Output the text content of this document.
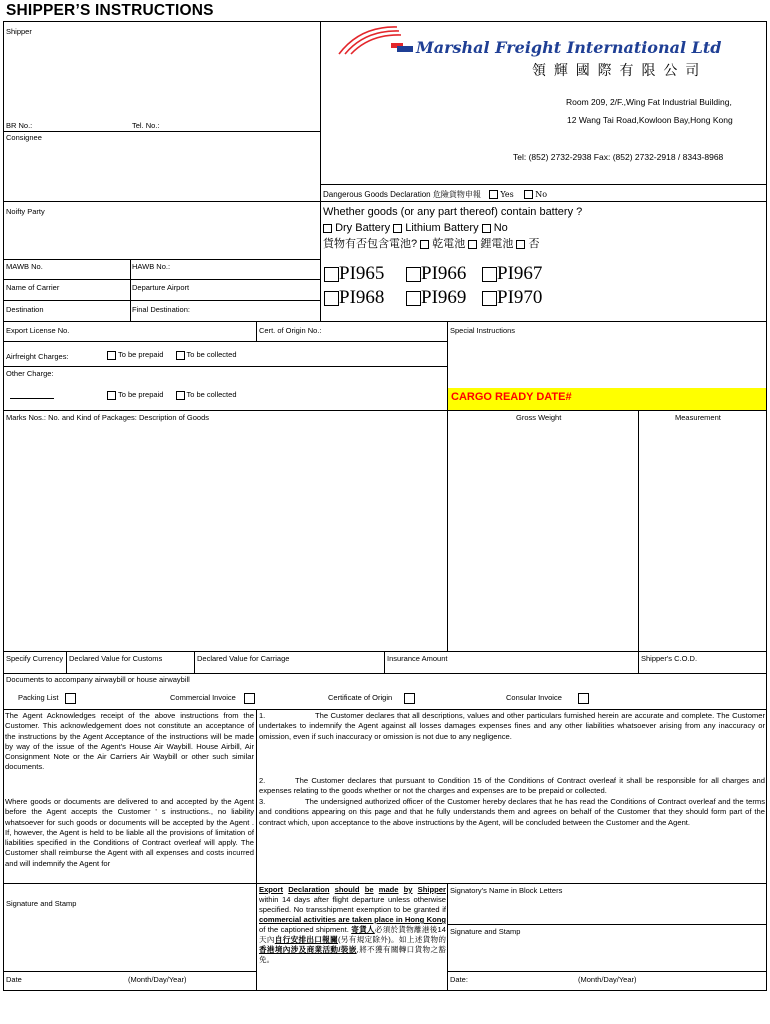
SHIPPER’S INSTRUCTIONS
Shipper
BR No.:	Tel. No.:
Consignee
Noifty Party
Marshal Freight International Ltd
領 輝 國 際 有 限 公 司
Room 209, 2/F.,Wing Fat Industrial Building,
12 Wang Tai Road,Kowloon Bay,Hong Kong
Tel: (852) 2732-2938 Fax: (852) 2732-2918 / 8343-8968
Dangerous Goods Declaration 危險貨物申報 Yes	No
Whether goods (or any part thereof) contain battery ?
Dry Battery Lithium Battery No
貨物有否包含電池? 乾電池 鋰電池 否
MAWB No.	HAWB No.:
Name of Carrier	Departure Airport
Destination	Final Destination:
PI965	PI966	PI967
PI968	PI969	PI970
Export License No.	Cert. of Origin No.:	Special Instructions
Airfreight Charges:	To be prepaid	To be collected
Other Charge:
To be prepaid	To be collected	CARGO READY DATE#
Marks Nos.: No. and Kind of Packages: Description of Goods	Gross Weight	Measurement
Specify Currency Declared Value for Customs	Declared Value for Carriage	Insurance Amount	Shipper's C.O.D.
Documents to accompany airwaybill or house airwaybill
Packing List	Commercial Invoice	Certificate of Origin	Consular Invoice
The Agent Acknowledges receipt of the above instructions from the Customer. This acknowledgement does not constitute an acceptance of the instructions by the Agent Acceptance of the instructions will be made by way of the issue of the Agent's House Air Waybill. House Airbill, Air Consignment Note or the Air Carriers Air Waybill or other such similar documents.
Where goods or documents are delivered to and accepted by the Agent before the Agent accepts the Customer ' s instructions., no liability whatsoever for such goods or documents will be accepted by the Agent . If, however, the Agent is held to be liable all the provisions of limitation of liabilities specified in the Conditions of Contract overleaf will apply. The Customer shall reimburse the Agent with all expenses and costs incurred and will indemnify the Agent for
1.	The Customer declares that all descriptions, values and other particulars furnished herein are accurate and complete. The Customer undertakes to indemnify the Agent against all losses damages expenses fines and any other liabilities whatsoever arising from any inaccuracy or omission, even if such inaccuracy or omission is not due to any negligence.
2.	The Customer declares that pursuant to Condition 15 of the Conditions of Contract overleaf it shall be responsible for all charges and expenses relating to the goods whether or not the charges and expenses are to be prepaid or collected.
3.	The undersigned authorized officer of the Customer hereby declares that he has read the Conditions of Contract overleaf and the terms and conditions appearing on this page and that he fully understands them and agrees on behalf of the Customer that they should form part of the contract which, upon acceptance to the above instructions by the Agent, will be concluded between the Customer and the Agent.
Signature and Stamp
Date	(Month/Day/Year)
Export Declaration should be made by Shipper within 14 days after flight departure unless otherwise specified. No transshipment exemption to be granted if commercial activities are taken place in Hong Kong of the captioned shipment. 寄貨人必須於貨物離港後14天內自行安排出口報關(另有規定除外)。如上述貨物的香港境內涉及商業活動/裝嵌,將不獲有關轉口貨物之豁免。
Signatory's Name in Block Letters
Signature and Stamp
Date:	(Month/Day/Year)
